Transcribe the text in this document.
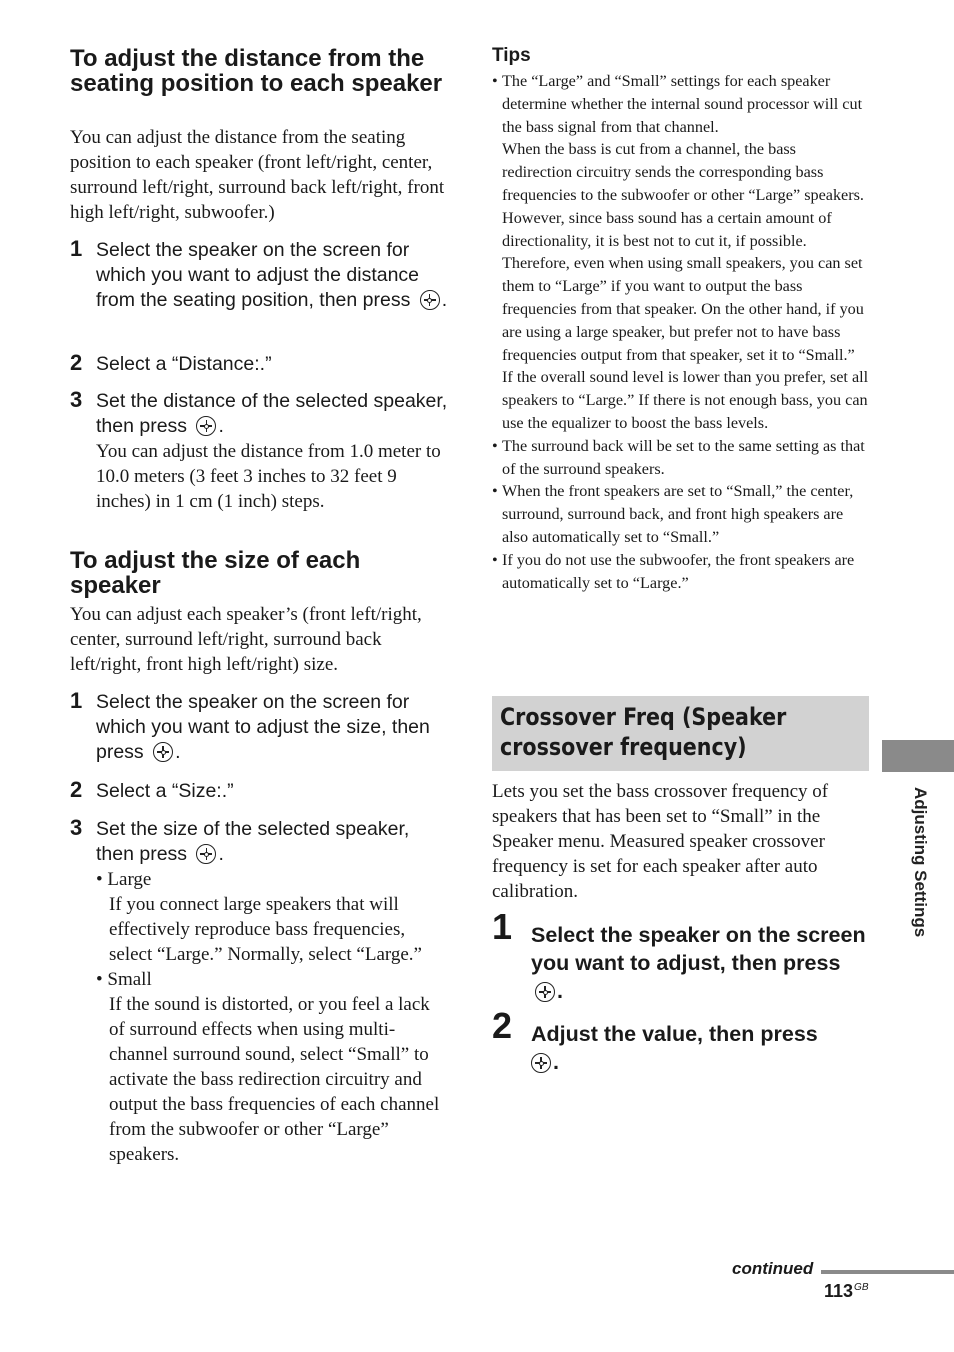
To adjust the distance from the seating position to each speaker

You can adjust the distance from the seating position to each speaker (front left/right, center, surround left/right, surround back left/right, front high left/right, subwoofer.)

1 Select the speaker on the screen for which you want to adjust the distance from the seating position, then press .
2 Select a “Distance:.”
3 Set the distance of the selected speaker, then press .
You can adjust the distance from 1.0 meter to 10.0 meters (3 feet 3 inches to 32 feet 9 inches) in 1 cm (1 inch) steps.
To adjust the size of each speaker

You can adjust each speaker’s (front left/right, center, surround left/right, surround back left/right, front high left/right) size.

1 Select the speaker on the screen for which you want to adjust the size, then press .
2 Select a “Size:.”
3 Set the size of the selected speaker, then press .
• Large
If you connect large speakers that will effectively reproduce bass frequencies, select “Large.” Normally, select “Large.”
• Small
If the sound is distorted, or you feel a lack of surround effects when using multi-channel surround sound, select “Small” to activate the bass redirection circuitry and output the bass frequencies of each channel from the subwoofer or other “Large” speakers.
Tips
• The “Large” and “Small” settings for each speaker determine whether the internal sound processor will cut the bass signal from that channel.
When the bass is cut from a channel, the bass redirection circuitry sends the corresponding bass frequencies to the subwoofer or other “Large” speakers.
However, since bass sound has a certain amount of directionality, it is best not to cut it, if possible. Therefore, even when using small speakers, you can set them to “Large” if you want to output the bass frequencies from that speaker. On the other hand, if you are using a large speaker, but prefer not to have bass frequencies output from that speaker, set it to “Small.”
If the overall sound level is lower than you prefer, set all speakers to “Large.” If there is not enough bass, you can use the equalizer to boost the bass levels.
• The surround back will be set to the same setting as that of the surround speakers.
• When the front speakers are set to “Small,” the center, surround, surround back, and front high speakers are also automatically set to “Small.”
• If you do not use the subwoofer, the front speakers are automatically set to “Large.”
Crossover Freq (Speaker crossover frequency)

Lets you set the bass crossover frequency of speakers that has been set to “Small” in the Speaker menu. Measured speaker crossover frequency is set for each speaker after auto calibration.

1 Select the speaker on the screen you want to adjust, then press
.
2 Adjust the value, then press

.
Adjusting Settings
continued
$113^{GB}$
